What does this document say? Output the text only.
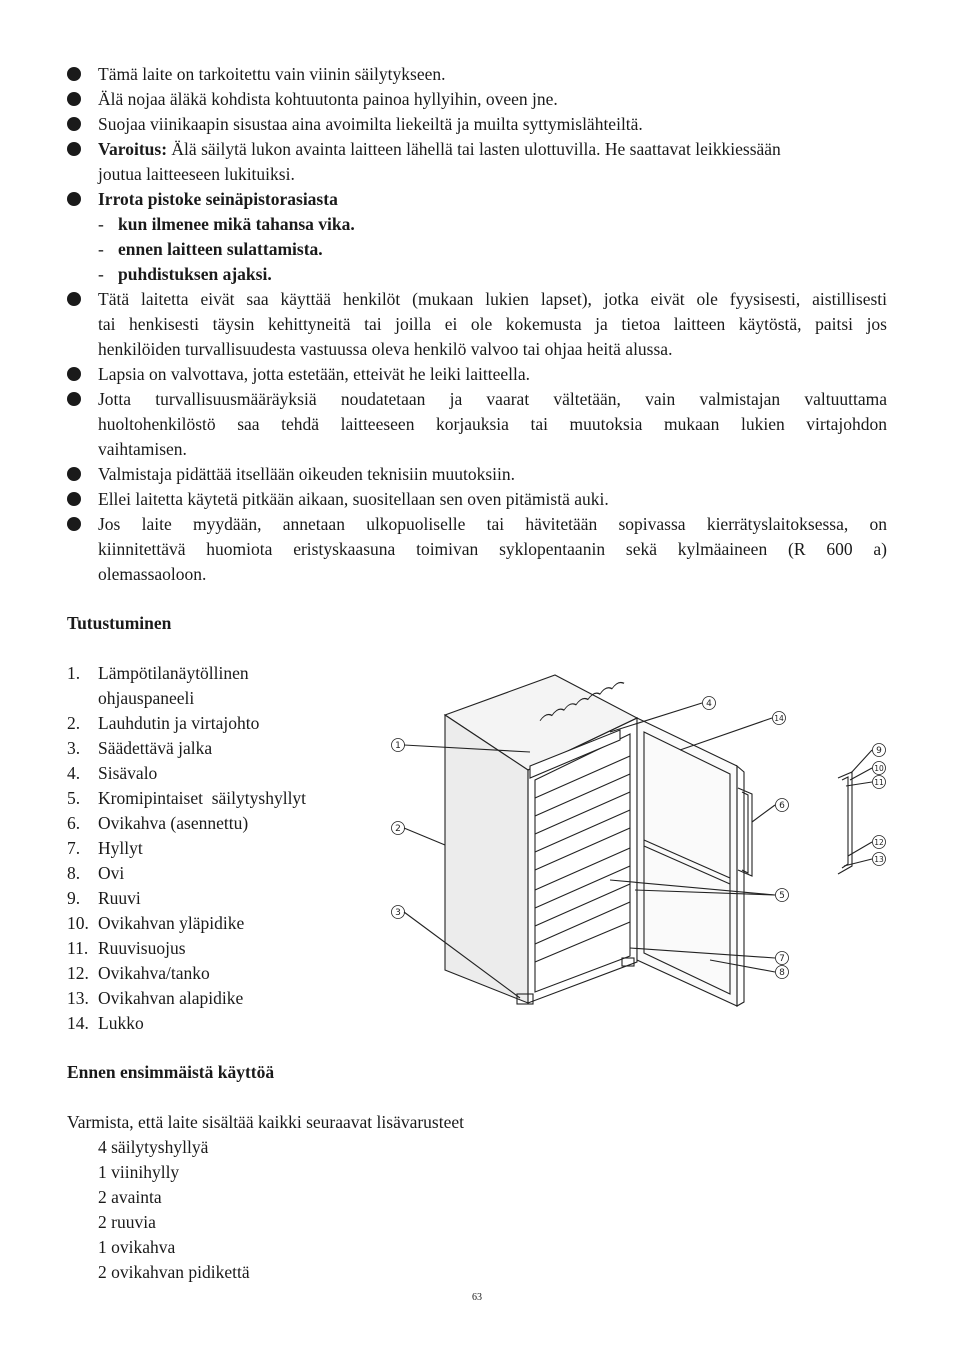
Tämä laite on tarkoitettu vain viinin säilytykseen.
Älä nojaa äläkä kohdista kohtuutonta painoa hyllyihin, oveen jne.
Suojaa viinikaapin sisustaa aina avoimilta liekeiltä ja muilta syttymislähteiltä.
Varoitus: Älä säilytä lukon avainta laitteen lähellä tai lasten ulottuvilla. He saattavat leikkiessään
joutua laitteeseen lukituiksi.
Irrota pistoke seinäpistorasiasta
- kun ilmenee mikä tahansa vika.
- ennen laitteen sulattamista.
- puhdistuksen ajaksi.
Tätä laitetta eivät saa käyttää henkilöt (mukaan lukien lapset), jotka eivät ole fyysisesti, aistillisesti
tai henkisesti täysin kehittyneitä tai joilla ei ole kokemusta ja tietoa laitteen käytöstä, paitsi jos
henkilöiden turvallisuudesta vastuussa oleva henkilö valvoo tai ohjaa heitä alussa.
Lapsia on valvottava, jotta estetään, etteivät he leiki laitteella.
Jotta turvallisuusmääräyksiä noudatetaan ja vaarat vältetään, vain valmistajan valtuuttama
huoltohenkilöstö saa tehdä laitteeseen korjauksia tai muutoksia mukaan lukien virtajohdon
vaihtamisen.
Valmistaja pidättää itsellään oikeuden teknisiin muutoksiin.
Ellei laitetta käytetä pitkään aikaan, suositellaan sen oven pitämistä auki.
Jos laite myydään, annetaan ulkopuoliselle tai hävitetään sopivassa kierrätyslaitoksessa, on
kiinnitettävä huomiota eristyskaasuna toimivan syklopentaanin sekä kylmäaineen (R 600 a)
olemassaoloon.
Tutustuminen
1. Lämpötilanäytöllinen
ohjauspaneeli
2. Lauhdutin ja virtajohto
3. Säädettävä jalka
4. Sisävalo
5. Kromipintaiset  säilytyshyllyt
6. Ovikahva (asennettu)
7. Hyllyt
8. Ovi
9. Ruuvi
10. Ovikahvan yläpidike
11. Ruuvisuojus
12. Ovikahva/tanko
13. Ovikahvan alapidike
14. Lukko
1
2
3
4
14
6
5
7
8
9
10
11
12
13
Ennen ensimmäistä käyttöä
Varmista, että laite sisältää kaikki seuraavat lisävarusteet
4 säilytyshyllyä
1 viinihylly
2 avainta
2 ruuvia
1 ovikahva
2 ovikahvan pidikettä
63
